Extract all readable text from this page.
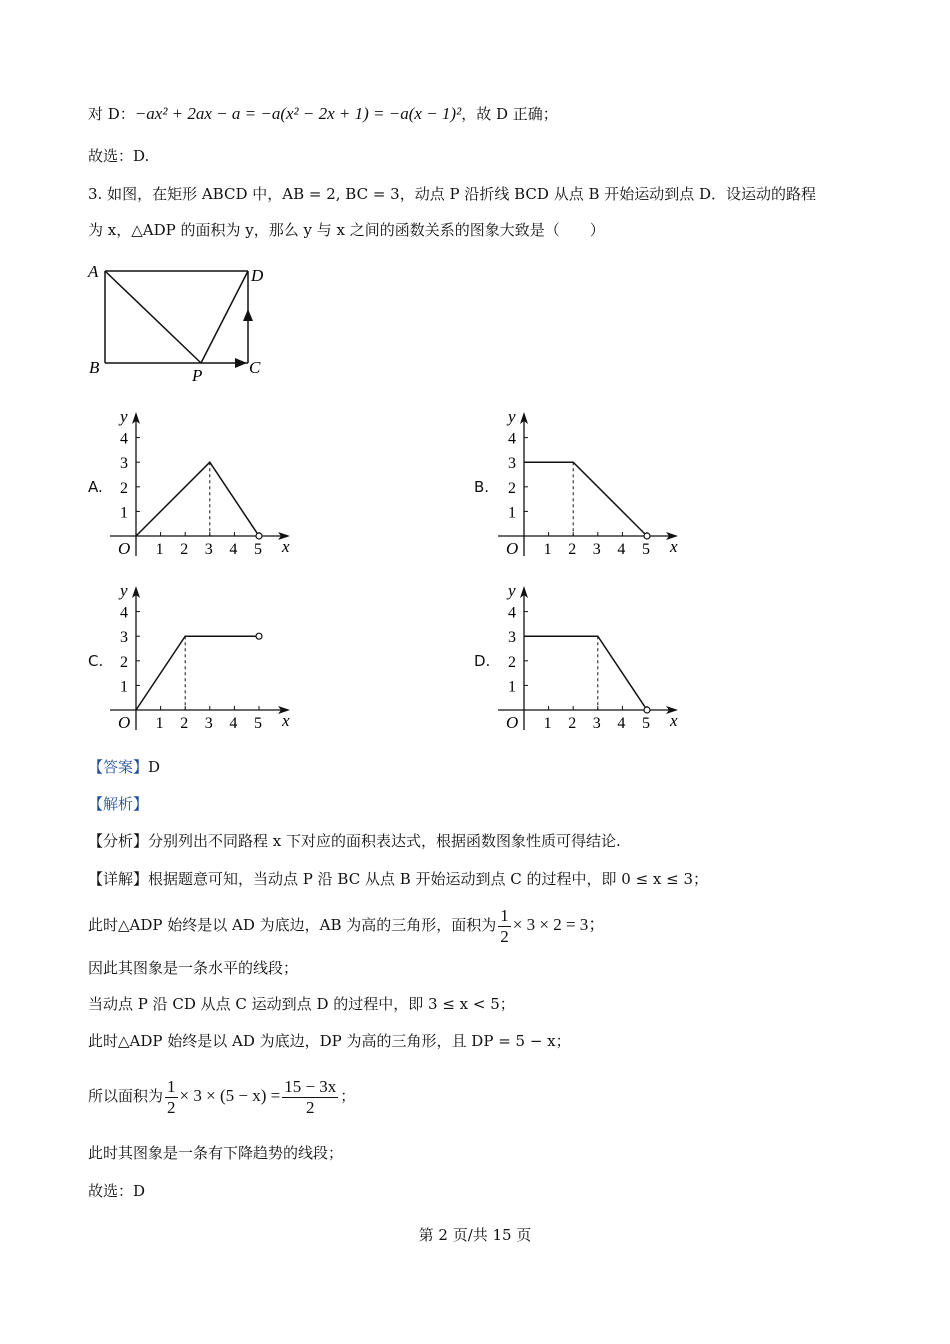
对 D：−ax² + 2ax − a = −a(x² − 2x + 1) = −a(x − 1)²，故 D 正确；
故选：D.
3. 如图，在矩形 ABCD 中，AB = 2, BC = 3，动点 P 沿折线 BCD 从点 B 开始运动到点 D．设运动的路程
为 x，△ADP 的面积为 y，那么 y 与 x 之间的函数关系的图象大致是（　　）
A	D
B	C
P
A.	B.
C.	D.
1 2 3 4 5
1
2
3
4
O	x
y
1 2 3 4 5
1
2
3
4
O	x
y
1 2 3 4 5
1
2
3
4
O	x
y
1 2 3 4 5
1
2
3
4
O	x
y
【答案】D
【解析】
【分析】分别列出不同路程 x 下对应的面积表达式，根据函数图象性质可得结论.
【详解】根据题意可知，当动点 P 沿 BC 从点 B 开始运动到点 C 的过程中，即 0 ≤ x ≤ 3；
此时△ADP 始终是以 AD 为底边，AB 为高的三角形，面积为 $\frac{1}{2} \times 3 \times 2 = 3$；
因此其图象是一条水平的线段；
当动点 P 沿 CD 从点 C 运动到点 D 的过程中，即 3 ≤ x < 5；
此时△ADP 始终是以 AD 为底边，DP 为高的三角形，且 DP = 5 − x；
所以面积为 $\frac{1}{2} \times 3 \times (5 - x) = \frac{15 - 3x}{2}$ ；
此时其图象是一条有下降趋势的线段；
故选：D
第 2 页/共 15 页
